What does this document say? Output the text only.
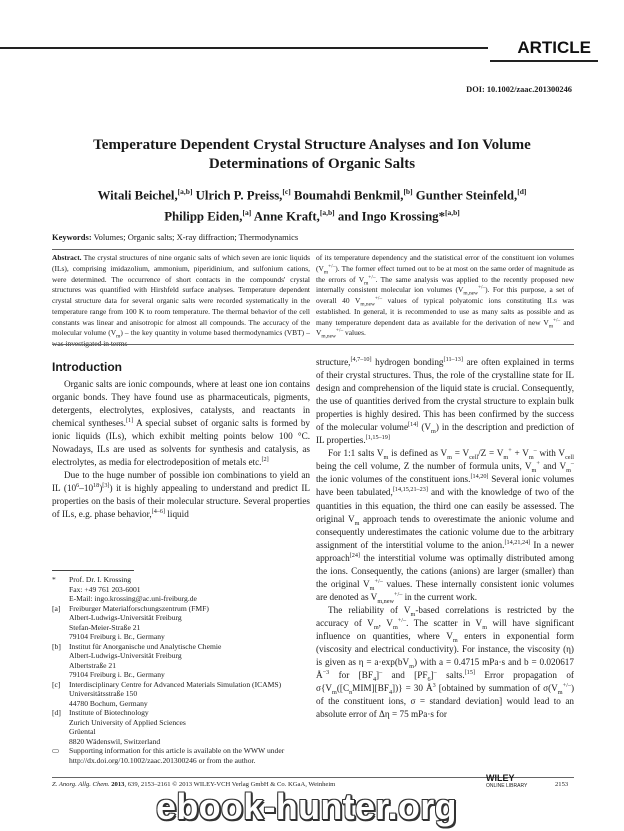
ARTICLE
DOI: 10.1002/zaac.201300246
Temperature Dependent Crystal Structure Analyses and Ion Volume Determinations of Organic Salts
Witali Beichel,[a,b] Ulrich P. Preiss,[c] Boumahdi Benkmil,[b] Gunther Steinfeld,[d]
Philipp Eiden,[a] Anne Kraft,[a,b] and Ingo Krossing*[a,b]
Keywords: Volumes; Organic salts; X-ray diffraction; Thermodynamics
Abstract. The crystal structures of nine organic salts of which seven are ionic liquids (ILs), comprising imidazolium, ammonium, piperidinium, and sulfonium cations, were determined. The occurrence of short contacts in the compounds' crystal structures was quantified with Hirshfeld surface analyses. Temperature dependent crystal structure data for several organic salts were recorded systematically in the temperature range from 100 K to room temperature. The thermal behavior of the cell constants was linear and anisotropic for almost all compounds. The accuracy of the molecular volume $(V_m)$ – the key quantity in volume based thermodynamics (VBT) –
of its temperature dependency and the statistical error of the constituent ion volumes $(V_m^{+/-})$. The former effect turned out to be at most on the same order of magnitude as the errors of $V_m^{+/-}$. The same analysis was applied to the recently proposed new internally consistent molecular ion volumes $(V_{m,new}^{+/-})$. For this purpose, a set of overall 40 $V_{m,new}^{+/-}$ values of typical polyatomic ions constituting ILs was established. In general, it is recommended to use as many salts as possible and as many temperature dependent data as available for the derivation of new $V_m^{+/-}$ and $V_{m,new}^{+/-}$ values.
Introduction

Organic salts are ionic compounds, where at least one ion contains organic bonds. They have found use as pharmaceuticals, pigments, detergents, electrolytes, explosives, catalysts, and reactants in chemical syntheses.[1] A special subset of organic salts is formed by ionic liquids (ILs), which exhibit melting points below 100 °C. Nowadays, ILs are used as solvents for synthesis and catalysis, as electrolytes, as media for electrodeposition of metals etc.[2]

Due to the huge number of possible ion combinations to yield an IL $(10^6-10^{18})[3]$) it is highly appealing to understand and predict IL properties on the basis of their molecular structure. Several properties of ILs, e.g. phase behavior,[4–6] liquid

*	Prof. Dr. I. Krossing
Fax: +49 761 203-6001
E-Mail: ingo.krossing@ac.uni-freiburg.de
[a]	Freiburger Materialforschungszentrum (FMF)
Albert-Ludwigs-Universität Freiburg
Stefan-Meier-Straße 21
79104 Freiburg i. Br., Germany
[b]	Institut für Anorganische und Analytische Chemie
Albert-Ludwigs-Universität Freiburg
Albertstraße 21
79104 Freiburg i. Br., Germany
[c]	Interdisciplinary Centre for Advanced Materials Simulation (ICAMS)
Universitätsstraße 150
44780 Bochum, Germany
[d]	Institute of Biotechnology
Zurich University of Applied Sciences
Grüental
8820 Wädenswil, Switzerland
▭	Supporting information for this article is available on the WWW under http://dx.doi.org/10.1002/zaac.201300246 or from the author.

structure,[4,7–10] hydrogen bonding[11–13] are often explained in terms of their crystal structures. Thus, the role of the crystalline state for IL design and comprehension of the liquid state is crucial. Consequently, the use of quantities derived from the crystal structure to explain bulk properties is highly desired. This has been confirmed by the success of the molecular volume[14] $(V_m)$ in the description and prediction of IL properties.[1,15–19]

For 1:1 salts $V_m$ is defined as $V_m = V_{cell}/Z = V_m^+ + V_m^-$ with $V_{cell}$ being the cell volume, Z the number of formula units, $V_m^+$ and $V_m^-$ the ionic volumes of the constituent ions.[14,20] Several ionic volumes have been tabulated,[14,15,21–23] and with the knowledge of two of the quantities in this equation, the third one can easily be assessed. The original $V_m$ approach tends to overestimate the anionic volume and consequently underestimates the cationic volume due to the arbitrary assignment of the interstitial volume to the anion.[14,21,24] In a newer approach[24] the interstitial volume was optimally distributed among the ions. Consequently, the cations (anions) are larger (smaller) than the original $V_m^{+/-}$ values. These internally consistent ionic volumes are denoted as $V_{m,new}^{+/-}$ in the current work.

The reliability of $V_m$-based correlations is restricted by the accuracy of $V_m$, $V_m^{+/-}$. The scatter in $V_m$ will have significant influence on quantities, where $V_m$ enters in exponential form (viscosity and electrical conductivity). For instance, the viscosity (η) is given as $\eta = a\cdot\exp(bV_m)$ with a = 0.4715 mPa·s and b = 0.020617 $Å^{-3}$ for $[BF_4]^-$ and $[PF_6]^-$ salts.[15] Error propagation of $\sigma\{V_m([C_nMIM][BF_4])\} = 30$ $Å^3$ [obtained by summation of $\sigma(V_m^{+/-})$ of the constituent ions, σ = standard deviation] would lead to an absolute error of Δη = 75 mPa·s for

Z. Anorg. Allg. Chem. 2013, 639, 2153–2161 © 2013 WILEY-VCH Verlag GmbH & Co. KGaA, Weinheim
WILEY
ONLINE LIBRARY	2153
ebook-hunter.org
